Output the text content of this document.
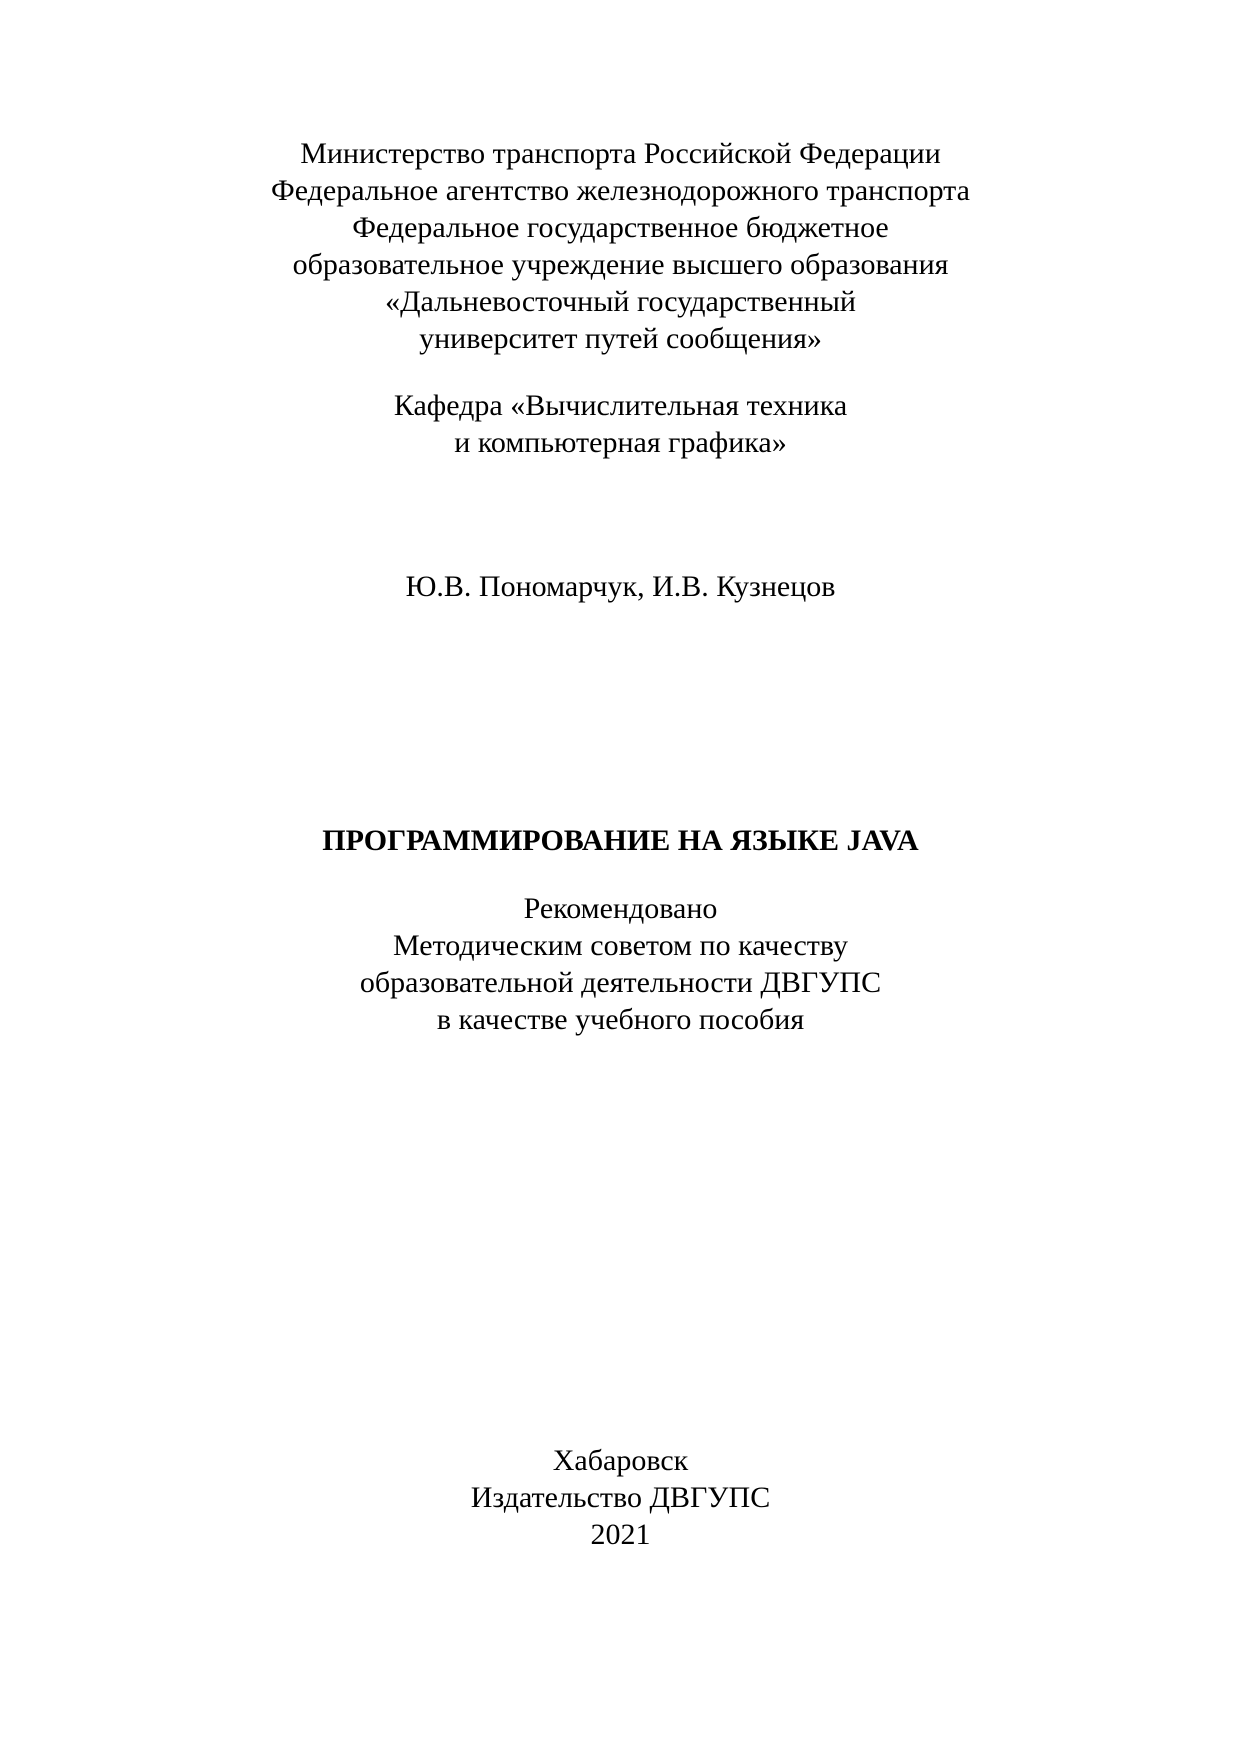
Министерство транспорта Российской Федерации
Федеральное агентство железнодорожного транспорта
Федеральное государственное бюджетное
образовательное учреждение высшего образования
«Дальневосточный государственный
университет путей сообщения»
Кафедра «Вычислительная техника
и компьютерная графика»
Ю.В. Пономарчук, И.В. Кузнецов
ПРОГРАММИРОВАНИЕ НА ЯЗЫКЕ JAVA
Рекомендовано
Методическим советом по качеству
образовательной деятельности ДВГУПС
в качестве учебного пособия
Хабаровск
Издательство ДВГУПС
2021
